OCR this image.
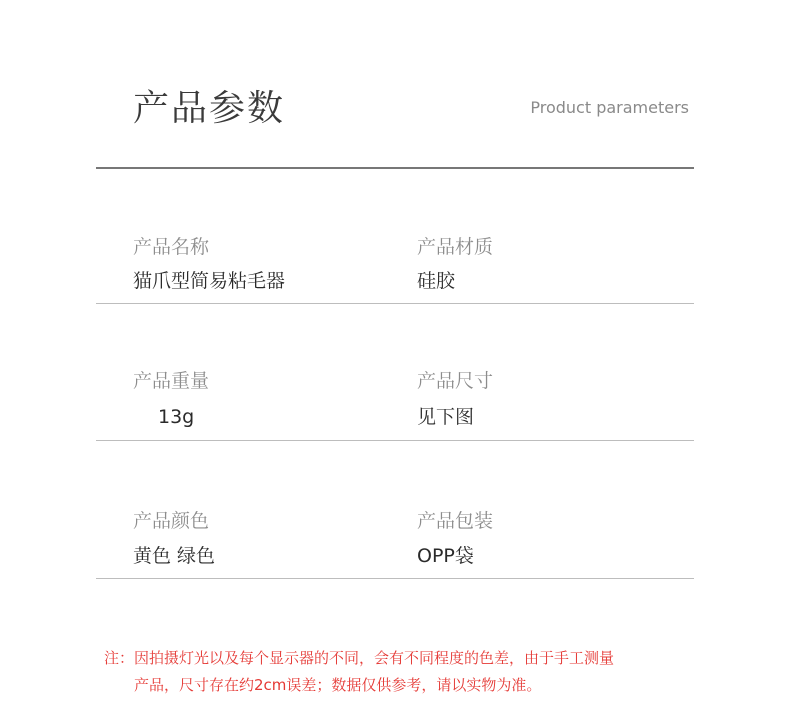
产品参数	Product parameters
产品名称
猫爪型简易粘毛器
产品材质
硅胶
产品重量
13g
产品尺寸
见下图
产品颜色
黄色 绿色
产品包装
OPP袋
注：因拍摄灯光以及每个显示器的不同，会有不同程度的色差，由于手工测量
产品，尺寸存在约2cm误差；数据仅供参考，请以实物为准。
